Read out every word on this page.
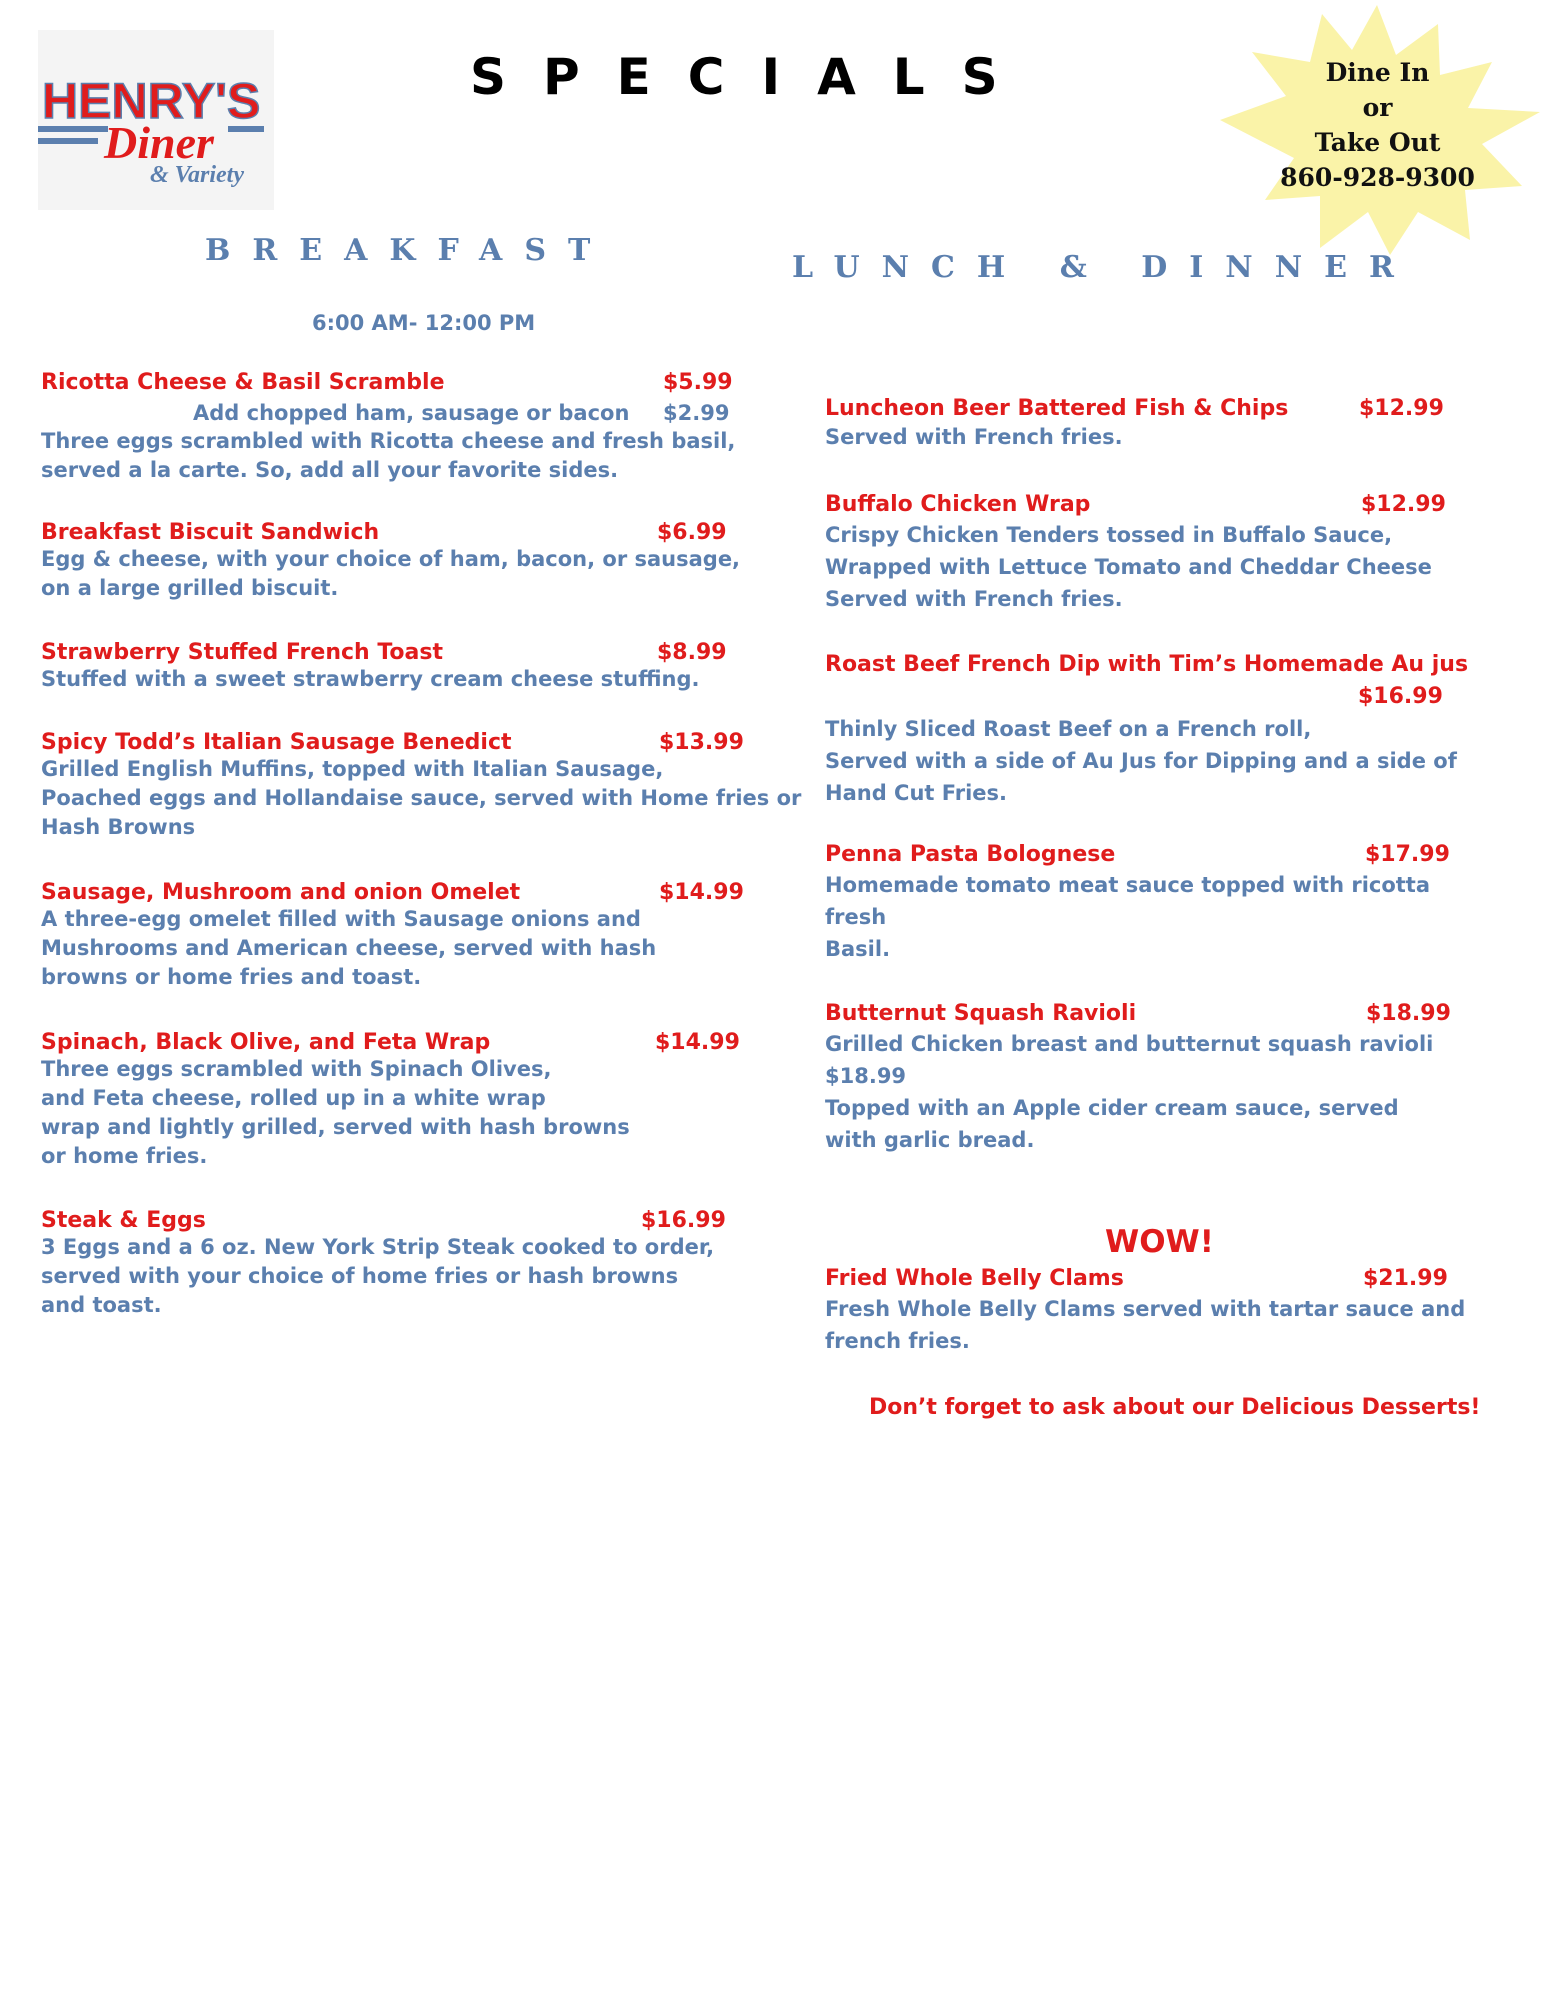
HENRY'S
Diner
& Variety
SPECIALS	Dine In
or
Take Out
860-928-9300
BREAKFAST
6:00 AM- 12:00 PM
LUNCH & DINNER
Ricotta Cheese & Basil Scramble	$5.99
Add chopped ham, sausage or bacon $2.99
Three eggs scrambled with Ricotta cheese and fresh basil,
served a la carte. So, add all your favorite sides.
Breakfast Biscuit Sandwich	$6.99
Egg & cheese, with your choice of ham, bacon, or sausage,
on a large grilled biscuit.
Strawberry Stuffed French Toast	$8.99
Stuffed with a sweet strawberry cream cheese stuffing.
Spicy Todd’s Italian Sausage Benedict	$13.99
Grilled English Muffins, topped with Italian Sausage,
Poached eggs and Hollandaise sauce, served with Home fries or
Hash Browns
Sausage, Mushroom and onion Omelet	$14.99
A three-egg omelet filled with Sausage onions and
Mushrooms and American cheese, served with hash
browns or home fries and toast.
Spinach, Black Olive, and Feta Wrap	$14.99
Three eggs scrambled with Spinach Olives,
and Feta cheese, rolled up in a white wrap
wrap and lightly grilled, served with hash browns
or home fries.
Steak & Eggs	$16.99
3 Eggs and a 6 oz. New York Strip Steak cooked to order,
served with your choice of home fries or hash browns
and toast.
Luncheon Beer Battered Fish & Chips	$12.99
Served with French fries.
Buffalo Chicken Wrap	$12.99
Crispy Chicken Tenders tossed in Buffalo Sauce,
Wrapped with Lettuce Tomato and Cheddar Cheese
Served with French fries.
Roast Beef French Dip with Tim’s Homemade Au jus
$16.99
Thinly Sliced Roast Beef on a French roll,
Served with a side of Au Jus for Dipping and a side of
Hand Cut Fries.
Penna Pasta Bolognese	$17.99
Homemade tomato meat sauce topped with ricotta
fresh
Basil.
Butternut Squash Ravioli	$18.99
Grilled Chicken breast and butternut squash ravioli
$18.99
Topped with an Apple cider cream sauce, served
with garlic bread.
WOW!
Fried Whole Belly Clams	$21.99
Fresh Whole Belly Clams served with tartar sauce and
french fries.
Don’t forget to ask about our Delicious Desserts!
